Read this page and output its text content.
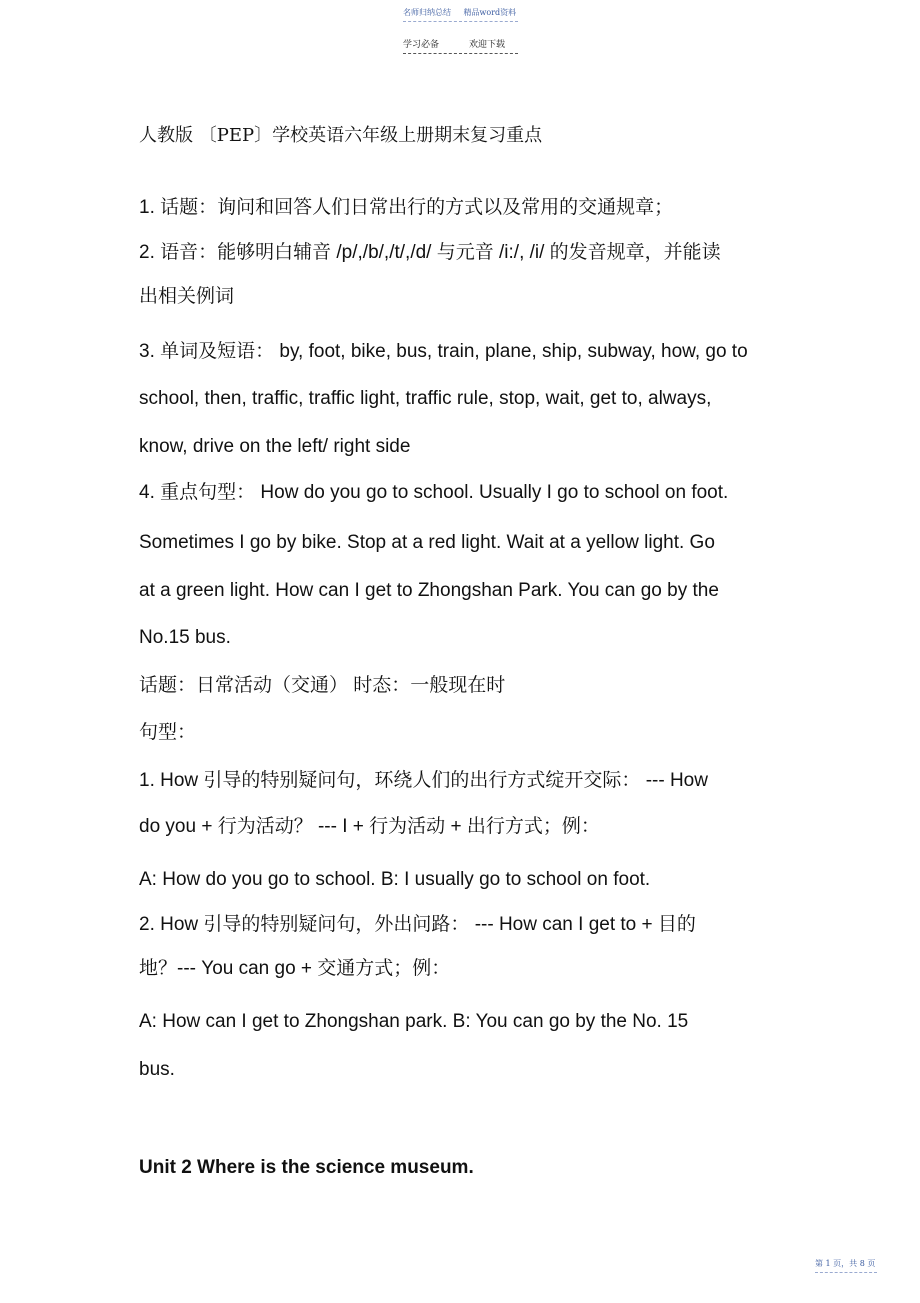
名师归纳总结 精品word资料
学习必备	欢迎下载
人教版 〔PEP〕学校英语六年级上册期末复习重点
1. 话题：询问和回答人们日常出行的方式以及常用的交通规章；
2. 语音：能够明白辅音 /p/,/b/,/t/,/d/ 与元音 /i:/, /i/ 的发音规章，并能读
出相关例词
3. 单词及短语： by, foot, bike, bus, train, plane, ship, subway, how, go to
school, then, traffic, traffic light, traffic rule, stop, wait, get to, always,
know, drive on the left/ right side
4. 重点句型： How do you go to school. Usually I go to school on foot.
Sometimes I go by bike. Stop at a red light. Wait at a yellow light. Go
at a green light. How can I get to Zhongshan Park. You can go by the
No.15 bus.
话题：日常活动（交通） 时态：一般现在时
句型：
1. How 引导的特别疑问句，环绕人们的出行方式绽开交际： --- How
do you + 行为活动？ --- I + 行为活动 + 出行方式；例：
A: How do you go to school. B: I usually go to school on foot.
2. How 引导的特别疑问句，外出问路： --- How can I get to + 目的
地？--- You can go + 交通方式；例：
A: How can I get to Zhongshan park. B: You can go by the No. 15
bus.
Unit 2 Where is the science museum.
第 1 页，共 8 页
